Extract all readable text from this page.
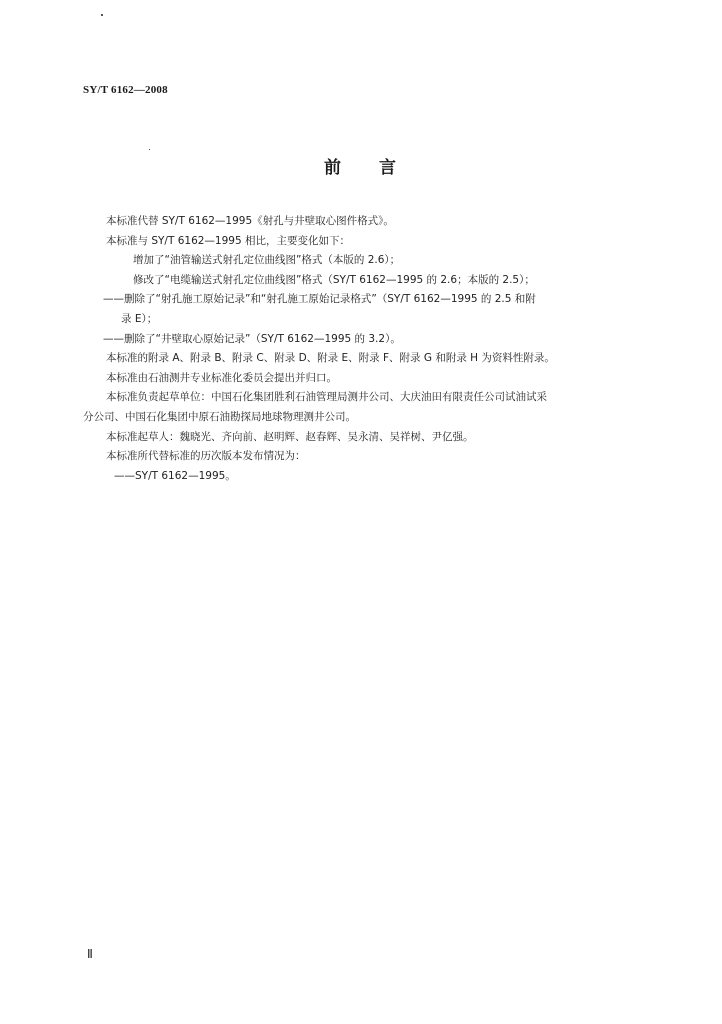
SY/T 6162—2008
前 言
本标准代替 SY/T 6162—1995《射孔与井壁取心图件格式》。
本标准与 SY/T 6162—1995 相比，主要变化如下：
增加了“油管输送式射孔定位曲线图”格式（本版的 2.6）；
修改了“电缆输送式射孔定位曲线图”格式（SY/T 6162—1995 的 2.6；本版的 2.5）；
——删除了“射孔施工原始记录”和“射孔施工原始记录格式”（SY/T 6162—1995 的 2.5 和附
录 E）；
——删除了“井壁取心原始记录”（SY/T 6162—1995 的 3.2）。
本标准的附录 A、附录 B、附录 C、附录 D、附录 E、附录 F、附录 G 和附录 H 为资料性附录。
本标准由石油测井专业标准化委员会提出并归口。
本标准负责起草单位：中国石化集团胜利石油管理局测井公司、大庆油田有限责任公司试油试采
分公司、中国石化集团中原石油勘探局地球物理测井公司。
本标准起草人：魏晓光、齐向前、赵明辉、赵春辉、吴永清、吴祥树、尹亿强。
本标准所代替标准的历次版本发布情况为：
——SY/T 6162—1995。
Ⅱ
